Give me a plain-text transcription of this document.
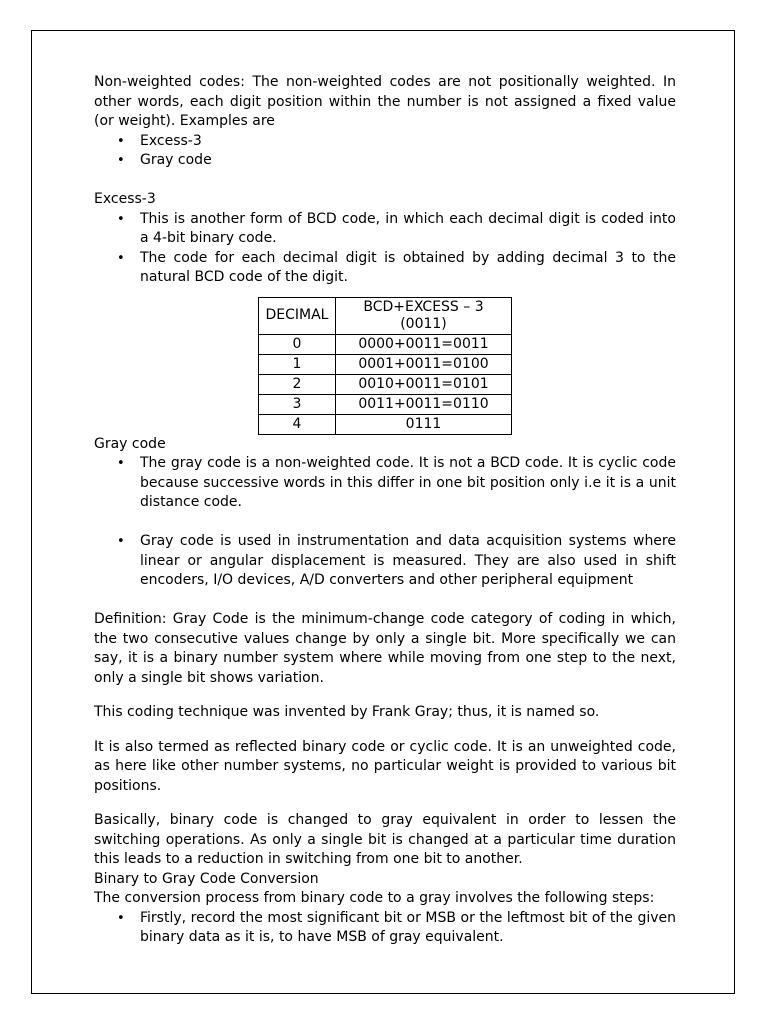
Non-weighted codes: The non-weighted codes are not positionally weighted. In other words, each digit position within the number is not assigned a fixed value (or weight). Examples are

• Excess-3
• Gray code

Excess-3

• This is another form of BCD code, in which each decimal digit is coded into a 4-bit binary code.
• The code for each decimal digit is obtained by adding decimal 3 to the natural BCD code of the digit.
DECIMAL	BCD+EXCESS – 3 (0011)
0	0000+0011=0011
1	0001+0011=0100
2	0010+0011=0101
3	0011+0011=0110
4	0111

Gray code

• The gray code is a non-weighted code. It is not a BCD code. It is cyclic code because successive words in this differ in one bit position only i.e it is a unit distance code.
• Gray code is used in instrumentation and data acquisition systems where linear or angular displacement is measured. They are also used in shift encoders, I/O devices, A/D converters and other peripheral equipment

Definition: Gray Code is the minimum-change code category of coding in which, the two consecutive values change by only a single bit. More specifically we can say, it is a binary number system where while moving from one step to the next, only a single bit shows variation.

This coding technique was invented by Frank Gray; thus, it is named so.

It is also termed as reflected binary code or cyclic code. It is an unweighted code, as here like other number systems, no particular weight is provided to various bit positions.

Basically, binary code is changed to gray equivalent in order to lessen the switching operations. As only a single bit is changed at a particular time duration this leads to a reduction in switching from one bit to another.

Binary to Gray Code Conversion

The conversion process from binary code to a gray involves the following steps:

• Firstly, record the most significant bit or MSB or the leftmost bit of the given binary data as it is, to have MSB of gray equivalent.
